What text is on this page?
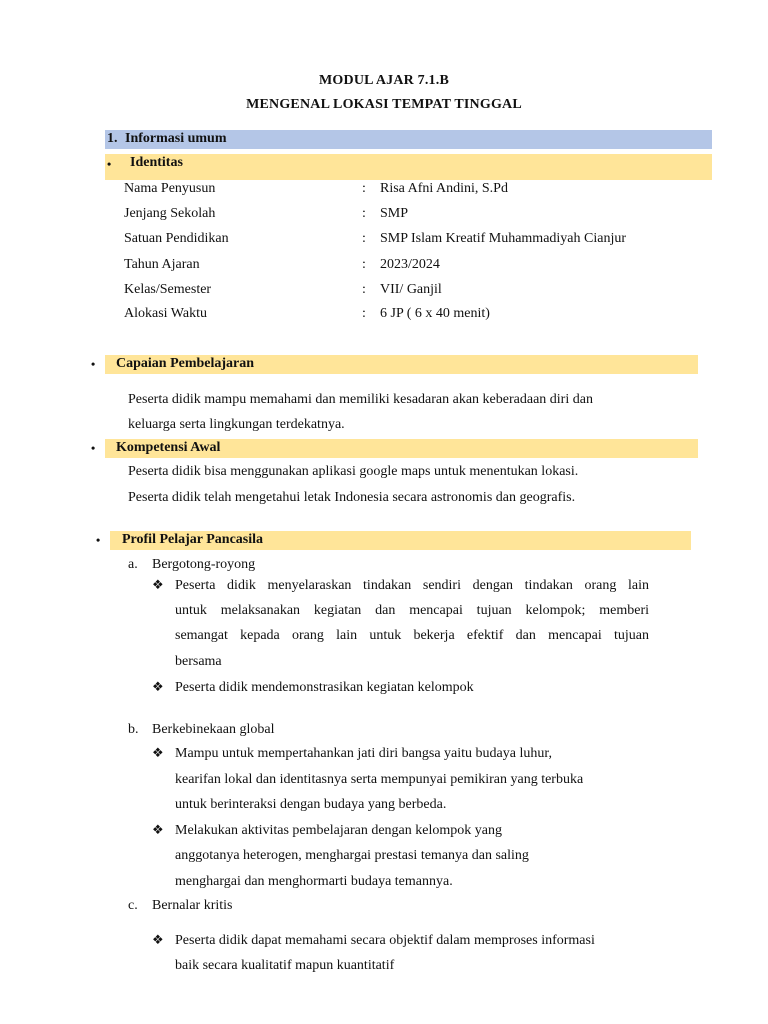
MODUL AJAR 7.1.B
MENGENAL LOKASI TEMPAT TINGGAL
1. Informasi umum
• Identitas
Nama Penyusun	: Risa Afni Andini, S.Pd
Jenjang Sekolah	: SMP
Satuan Pendidikan	: SMP Islam Kreatif Muhammadiyah Cianjur
Tahun Ajaran	: 2023/2024
Kelas/Semester	: VII/ Ganjil
Alokasi Waktu	: 6 JP ( 6 x 40 menit)
• Capaian Pembelajaran
Peserta didik mampu memahami dan memiliki kesadaran akan keberadaan diri dan
keluarga serta lingkungan terdekatnya.
• Kompetensi Awal
Peserta didik bisa menggunakan aplikasi google maps untuk menentukan lokasi.
Peserta didik telah mengetahui letak Indonesia secara astronomis dan geografis.
• Profil Pelajar Pancasila
a. Bergotong-royong
❖ Peserta didik menyelaraskan tindakan sendiri dengan tindakan orang lain
untuk melaksanakan kegiatan dan mencapai tujuan kelompok; memberi
semangat kepada orang lain untuk bekerja efektif dan mencapai tujuan
bersama
❖ Peserta didik mendemonstrasikan kegiatan kelompok
b. Berkebinekaan global
❖ Mampu untuk mempertahankan jati diri bangsa yaitu budaya luhur,
kearifan lokal dan identitasnya serta mempunyai pemikiran yang terbuka
untuk berinteraksi dengan budaya yang berbeda.
❖ Melakukan aktivitas pembelajaran dengan kelompok yang
anggotanya heterogen, menghargai prestasi temanya dan saling
menghargai dan menghormarti budaya temannya.
c. Bernalar kritis
❖ Peserta didik dapat memahami secara objektif dalam memproses informasi
baik secara kualitatif mapun kuantitatif
